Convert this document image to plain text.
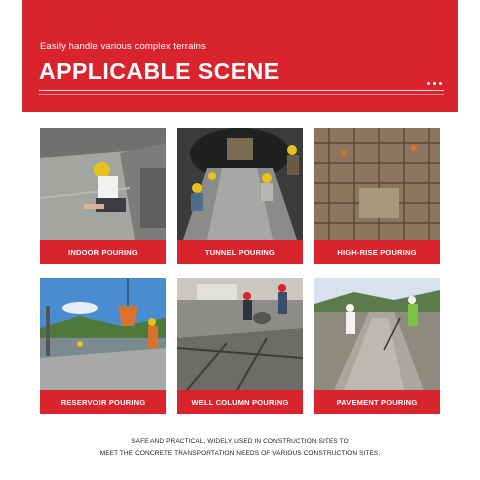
Easily handle various complex terrains
APPLICABLE SCENE
INDOOR POURING	TUNNEL POURING	HIGH-RISE POURING
RESERVOIR POURING	WELL COLUMN POURING	PAVEMENT POURING
SAFE AND PRACTICAL, WIDELY USED IN CONSTRUCTION SITES TO
MEET THE CONCRETE TRANSPORTATION NEEDS OF VARIOUS CONSTRUCTION SITES.
